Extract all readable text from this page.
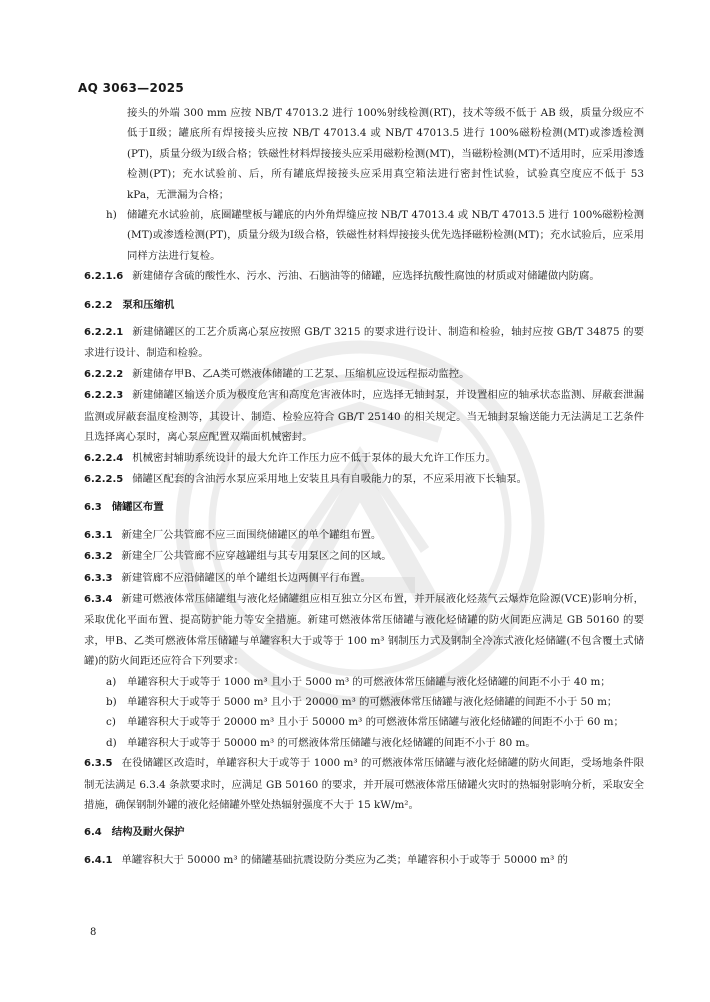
AQ 3063—2025

接头的外端 300 mm 应按 NB/T 47013.2 进行 100%射线检测(RT)，技术等级不低于 AB 级，质量分级应不低于Ⅱ级；罐底所有焊接接头应按 NB/T 47013.4 或 NB/T 47013.5 进行 100%磁粉检测(MT)或渗透检测(PT)，质量分级为Ⅰ级合格；铁磁性材料焊接接头应采用磁粉检测(MT)，当磁粉检测(MT)不适用时，应采用渗透检测(PT)；充水试验前、后，所有罐底焊接接头应采用真空箱法进行密封性试验，试验真空度应不低于 53 kPa，无泄漏为合格；

h) 储罐充水试验前，底圈罐壁板与罐底的内外角焊缝应按 NB/T 47013.4 或 NB/T 47013.5 进行 100%磁粉检测(MT)或渗透检测(PT)，质量分级为Ⅰ级合格，铁磁性材料焊接接头优先选择磁粉检测(MT)；充水试验后，应采用同样方法进行复检。

6.2.1.6 新建储存含硫的酸性水、污水、污油、石脑油等的储罐，应选择抗酸性腐蚀的材质或对储罐做内防腐。

6.2.2 泵和压缩机

6.2.2.1 新建储罐区的工艺介质离心泵应按照 GB/T 3215 的要求进行设计、制造和检验，轴封应按 GB/T 34875 的要求进行设计、制造和检验。

6.2.2.2 新建储存甲B、乙A类可燃液体储罐的工艺泵、压缩机应设远程振动监控。

6.2.2.3 新建储罐区输送介质为极度危害和高度危害液体时，应选择无轴封泵，并设置相应的轴承状态监测、屏蔽套泄漏监测或屏蔽套温度检测等，其设计、制造、检验应符合 GB/T 25140 的相关规定。当无轴封泵输送能力无法满足工艺条件且选择离心泵时，离心泵应配置双端面机械密封。

6.2.2.4 机械密封辅助系统设计的最大允许工作压力应不低于泵体的最大允许工作压力。

6.2.2.5 储罐区配套的含油污水泵应采用地上安装且具有自吸能力的泵，不应采用液下长轴泵。

6.3 储罐区布置

6.3.1 新建全厂公共管廊不应三面围绕储罐区的单个罐组布置。

6.3.2 新建全厂公共管廊不应穿越罐组与其专用泵区之间的区域。

6.3.3 新建管廊不应沿储罐区的单个罐组长边两侧平行布置。

6.3.4 新建可燃液体常压储罐组与液化烃储罐组应相互独立分区布置，并开展液化烃蒸气云爆炸危险源(VCE)影响分析，采取优化平面布置、提高防护能力等安全措施。新建可燃液体常压储罐与液化烃储罐的防火间距应满足 GB 50160 的要求，甲B、乙类可燃液体常压储罐与单罐容积大于或等于 100 m³ 钢制压力式及钢制全冷冻式液化烃储罐(不包含覆土式储罐)的防火间距还应符合下列要求：

a) 单罐容积大于或等于 1000 m³ 且小于 5000 m³ 的可燃液体常压储罐与液化烃储罐的间距不小于 40 m；
b) 单罐容积大于或等于 5000 m³ 且小于 20000 m³ 的可燃液体常压储罐与液化烃储罐的间距不小于 50 m；
c) 单罐容积大于或等于 20000 m³ 且小于 50000 m³ 的可燃液体常压储罐与液化烃储罐的间距不小于 60 m；
d) 单罐容积大于或等于 50000 m³ 的可燃液体常压储罐与液化烃储罐的间距不小于 80 m。

6.3.5 在役储罐区改造时，单罐容积大于或等于 1000 m³ 的可燃液体常压储罐与液化烃储罐的防火间距，受场地条件限制无法满足 6.3.4 条款要求时，应满足 GB 50160 的要求，并开展可燃液体常压储罐火灾时的热辐射影响分析，采取安全措施，确保钢制外罐的液化烃储罐外壁处热辐射强度不大于 15 kW/m²。

6.4 结构及耐火保护

6.4.1 单罐容积大于 50000 m³ 的储罐基础抗震设防分类应为乙类；单罐容积小于或等于 50000 m³ 的

8
